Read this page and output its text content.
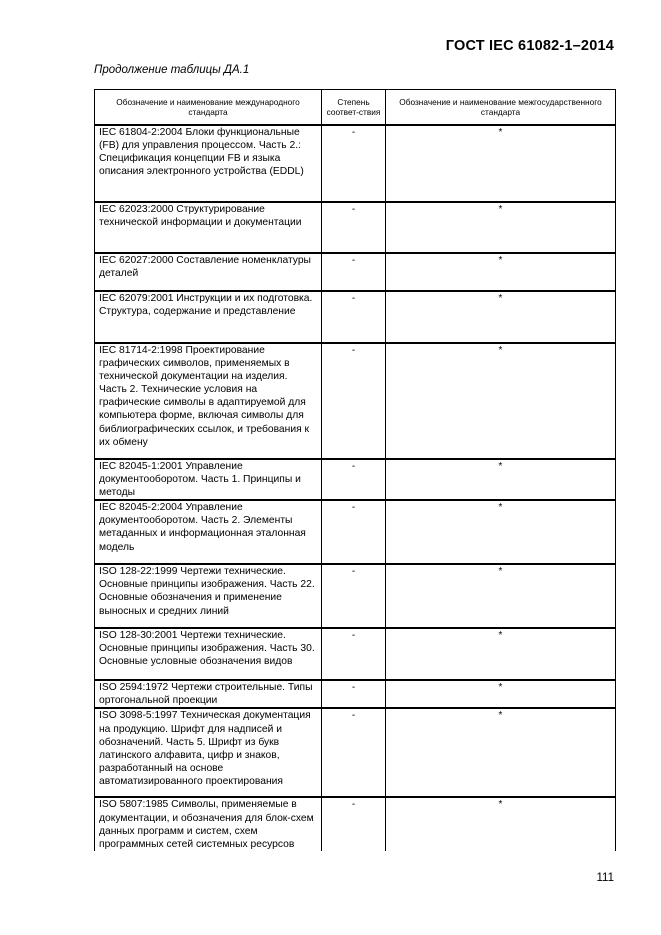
ГОСТ IEC 61082-1–2014
Продолжение таблицы ДА.1
Обозначение и наименование международного стандарта	Степень соответ-ствия	Обозначение и наименование межгосударственного стандарта
IEC 61804-2:2004 Блоки функциональные (FB) для управления процессом. Часть 2.: Спецификация концепции FB и языка описания электронного устройства (EDDL)	-	*
IEC 62023:2000 Структурирование технической информации и документации	-	*
IEC 62027:2000 Составление номенклатуры деталей	-	*
IEC 62079:2001 Инструкции и их подготовка. Структура, содержание и представление	-	*
IEC 81714-2:1998 Проектирование графических символов, применяемых в технической документации на изделия. Часть 2. Технические условия на графические символы в адаптируемой для компьютера форме, включая символы для библиографических ссылок, и требования к их обмену	-	*
IEC 82045-1:2001 Управление документооборотом. Часть 1. Принципы и методы	-	*
IEC 82045-2:2004 Управление документооборотом. Часть 2. Элементы метаданных и информационная эталонная модель	-	*
ISO 128-22:1999 Чертежи технические. Основные принципы изображения. Часть 22. Основные обозначения и применение выносных и средних линий	-	*
ISO 128-30:2001 Чертежи технические. Основные принципы изображения. Часть 30. Основные условные обозначения видов	-	*
ISO 2594:1972 Чертежи строительные. Типы ортогональной проекции	-	*
ISO 3098-5:1997 Техническая документация на продукцию. Шрифт для надписей и обозначений. Часть 5. Шрифт из букв латинского алфавита, цифр и знаков, разработанный на основе автоматизированного проектирования	-	*
ISO 5807:1985 Символы, применяемые в документации, и обозначения для блок-схем данных программ и систем, схем программных сетей системных ресурсов	-	*
111
